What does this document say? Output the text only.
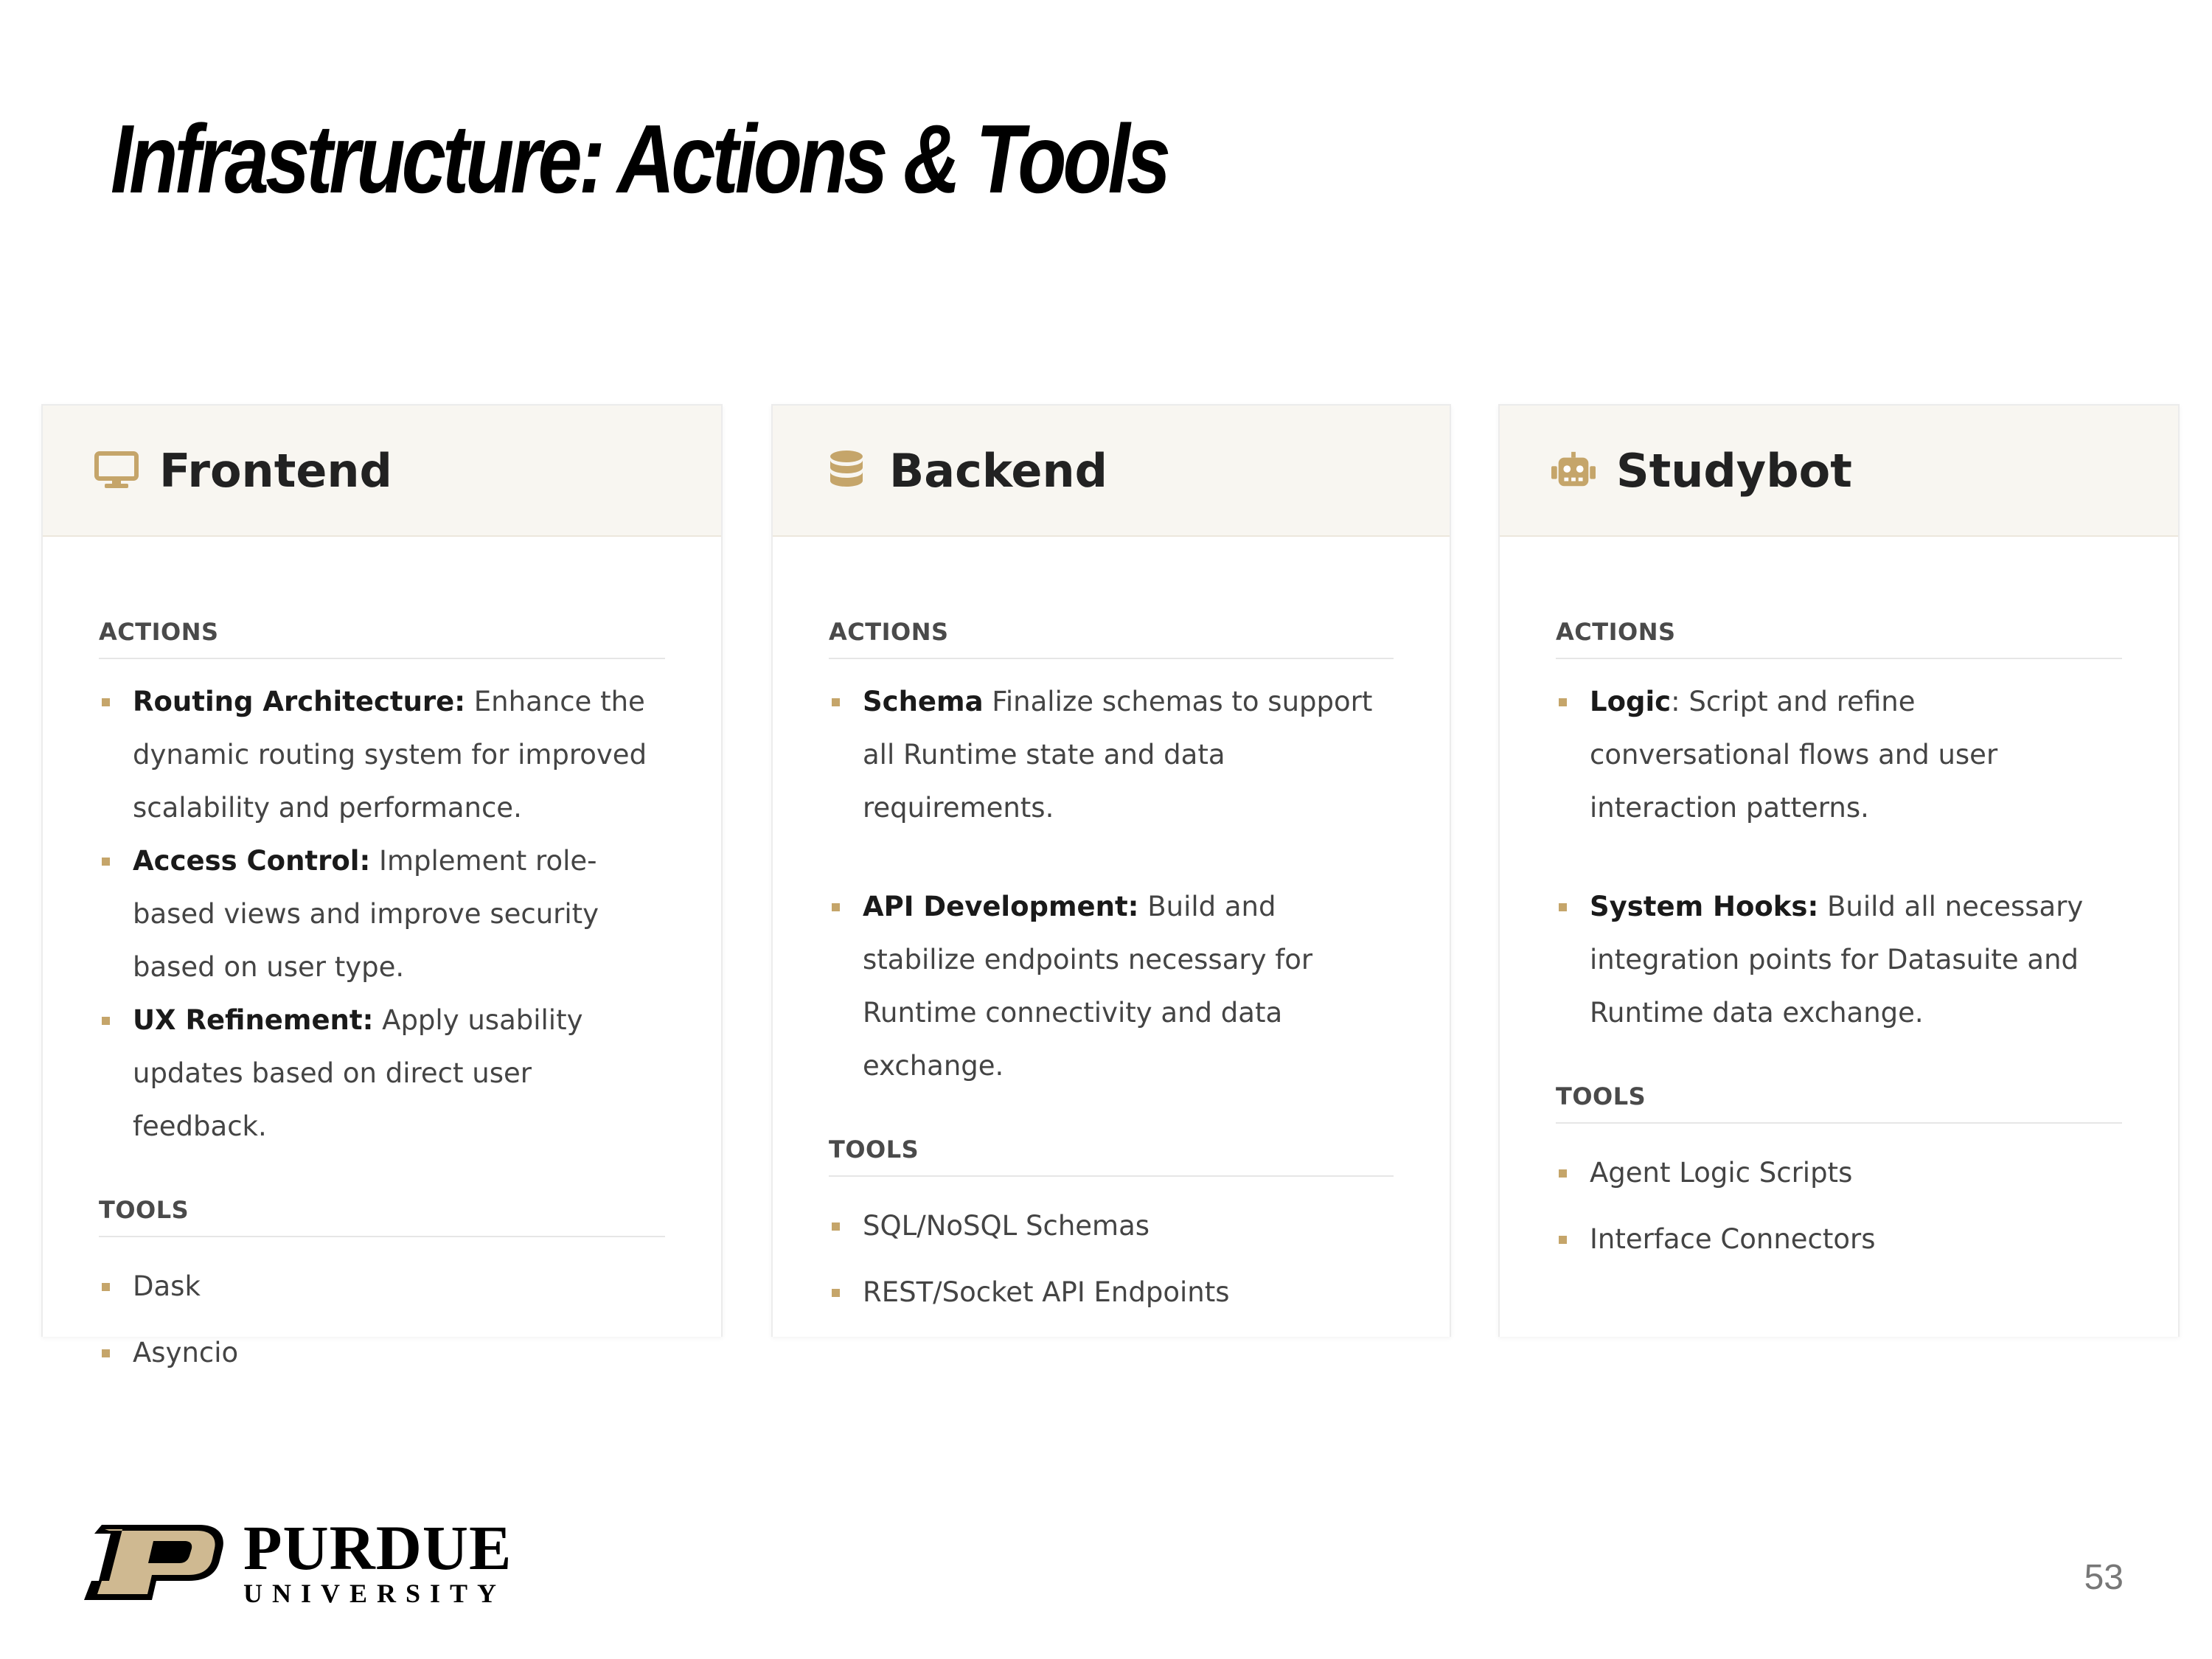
Infrastructure: Actions & Tools
Frontend
ACTIONS
Routing Architecture: Enhance the dynamic routing system for improved scalability and performance.
Access Control: Implement role-based views and improve security based on user type.
UX Refinement: Apply usability updates based on direct user feedback.
TOOLS
Dask
Asyncio
Backend
ACTIONS
Schema Finalize schemas to support all Runtime state and data requirements.
API Development: Build and stabilize endpoints necessary for Runtime connectivity and data exchange.
TOOLS
SQL/NoSQL Schemas
REST/Socket API Endpoints
Studybot
ACTIONS
Logic: Script and refine conversational flows and user interaction patterns.
System Hooks: Build all necessary integration points for Datasuite and Runtime data exchange.
TOOLS
Agent Logic Scripts
Interface Connectors
PURDUE
UNIVERSITY	53
